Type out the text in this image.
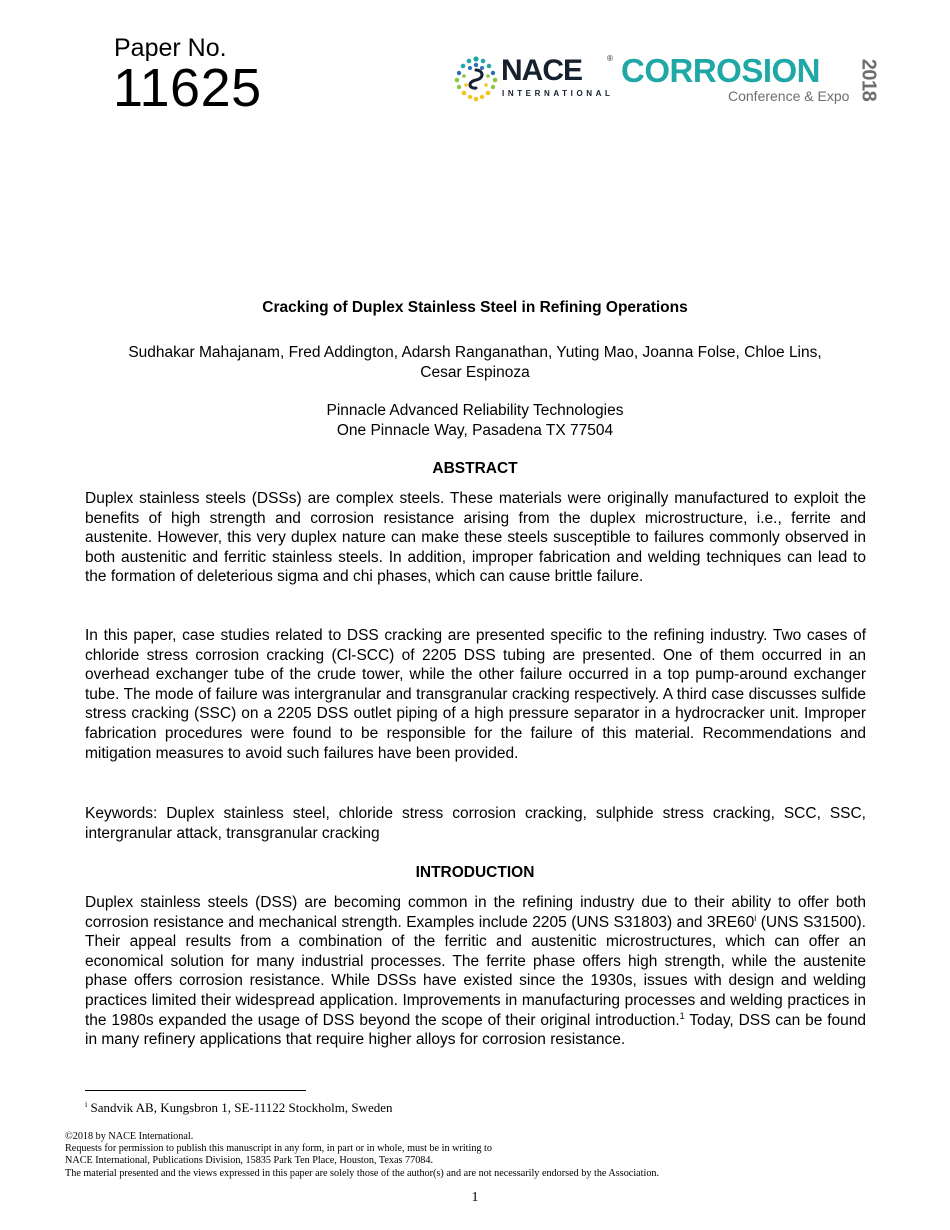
Paper No.
11625	NACE
INTERNATIONAL
® CORROSION
Conference & Expo 2018
Cracking of Duplex Stainless Steel in Refining Operations
Sudhakar Mahajanam, Fred Addington, Adarsh Ranganathan, Yuting Mao, Joanna Folse, Chloe Lins,
Cesar Espinoza
Pinnacle Advanced Reliability Technologies
One Pinnacle Way, Pasadena TX 77504
ABSTRACT

Duplex stainless steels (DSSs) are complex steels. These materials were originally manufactured to exploit the benefits of high strength and corrosion resistance arising from the duplex microstructure, i.e., ferrite and austenite. However, this very duplex nature can make these steels susceptible to failures commonly observed in both austenitic and ferritic stainless steels. In addition, improper fabrication and welding techniques can lead to the formation of deleterious sigma and chi phases, which can cause brittle failure.

In this paper, case studies related to DSS cracking are presented specific to the refining industry. Two cases of chloride stress corrosion cracking (Cl-SCC) of 2205 DSS tubing are presented. One of them occurred in an overhead exchanger tube of the crude tower, while the other failure occurred in a top pump-around exchanger tube. The mode of failure was intergranular and transgranular cracking respectively. A third case discusses sulfide stress cracking (SSC) on a 2205 DSS outlet piping of a high pressure separator in a hydrocracker unit. Improper fabrication procedures were found to be responsible for the failure of this material. Recommendations and mitigation measures to avoid such failures have been provided.

Keywords: Duplex stainless steel, chloride stress corrosion cracking, sulphide stress cracking, SCC, SSC, intergranular attack, transgranular cracking

INTRODUCTION

Duplex stainless steels (DSS) are becoming common in the refining industry due to their ability to offer both corrosion resistance and mechanical strength. Examples include 2205 (UNS S31803) and 3RE60$^i$ (UNS S31500). Their appeal results from a combination of the ferritic and austenitic microstructures, which can offer an economical solution for many industrial processes. The ferrite phase offers high strength, while the austenite phase offers corrosion resistance. While DSSs have existed since the 1930s, issues with design and welding practices limited their widespread application. Improvements in manufacturing processes and welding practices in the 1980s expanded the usage of DSS beyond the scope of their original introduction.$^1$ Today, DSS can be found in many refinery applications that require higher alloys for corrosion resistance.

$^i$ Sandvik AB, Kungsbron 1, SE-11122 Stockholm, Sweden
©2018 by NACE International.
Requests for permission to publish this manuscript in any form, in part or in whole, must be in writing to
NACE International, Publications Division, 15835 Park Ten Place, Houston, Texas 77084.
The material presented and the views expressed in this paper are solely those of the author(s) and are not necessarily endorsed by the Association.
1
